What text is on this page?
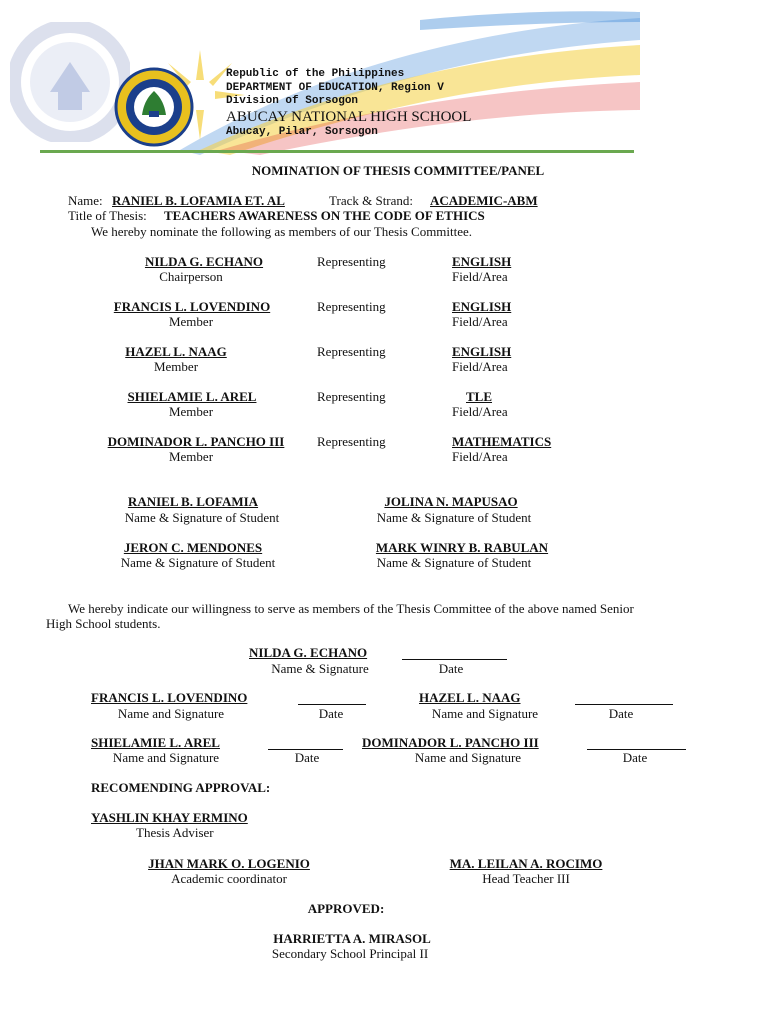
Republic of the Philippines
DEPARTMENT OF EDUCATION, Region V
Division of Sorsogon
ABUCAY NATIONAL HIGH SCHOOL
Abucay, Pilar, Sorsogon
NOMINATION OF THESIS COMMITTEE/PANEL
Name: RANIEL B. LOFAMIA ET. AL	Track & Strand: ACADEMIC-ABM
Title of Thesis: TEACHERS AWARENESS ON THE CODE OF ETHICS
We hereby nominate the following as members of our Thesis Committee.
NILDA G. ECHANO
Chairperson
Representing	ENGLISH
Field/Area
FRANCIS L. LOVENDINO
Member
Representing	ENGLISH
Field/Area
HAZEL L. NAAG
Member
Representing	ENGLISH
Field/Area
SHIELAMIE L. AREL
Member
Representing	TLE
Field/Area
DOMINADOR L. PANCHO III
Member
Representing	MATHEMATICS
Field/Area
RANIEL B. LOFAMIA
Name & Signature of Student
JOLINA N. MAPUSAO
Name & Signature of Student
JERON C. MENDONES
Name & Signature of Student
MARK WINRY B. RABULAN
Name & Signature of Student
We hereby indicate our willingness to serve as members of the Thesis Committee of the above named Senior
High School students.
NILDA G. ECHANO
Name & Signature	Date
FRANCIS L. LOVENDINO
Name and Signature	Date
HAZEL L. NAAG
Name and Signature	Date
SHIELAMIE L. AREL
Name and Signature	Date
DOMINADOR L. PANCHO III
Name and Signature	Date
RECOMENDING APPROVAL:
YASHLIN KHAY ERMINO
Thesis Adviser
JHAN MARK O. LOGENIO
Academic coordinator
MA. LEILAN A. ROCIMO
Head Teacher III
APPROVED:
HARRIETTA A. MIRASOL
Secondary School Principal II
